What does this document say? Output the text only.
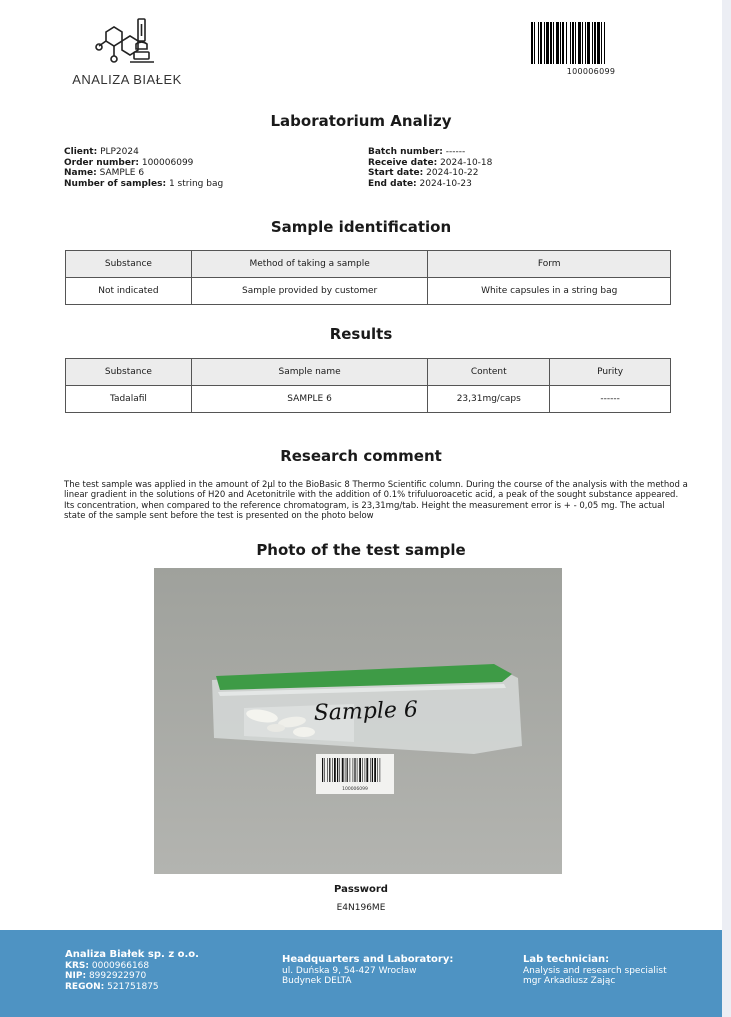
ANALIZA BIAŁEK
100006099
Laboratorium Analizy
Client: PLP2024
Order number: 100006099
Name: SAMPLE 6
Number of samples: 1 string bag
Batch number: ------
Receive date: 2024-10-18
Start date: 2024-10-22
End date: 2024-10-23
Sample identification
Substance	Method of taking a sample	Form
Not indicated	Sample provided by customer	White capsules in a string bag
Results
Substance	Sample name	Content	Purity
Tadalafil	SAMPLE 6	23,31mg/caps	------
Research comment

The test sample was applied in the amount of 2µl to the BioBasic 8 Thermo Scientific column. During the course of the analysis with the method a linear gradient in the solutions of H20 and Acetonitrile with the addition of 0.1% trifuluoroacetic acid, a peak of the sought substance appeared. Its concentration, when compared to the reference chromatogram, is 23,31mg/tab. Height the measurement error is + - 0,05 mg. The actual state of the sample sent before the test is presented on the photo below

Photo of the test sample
Sample 6
100006099
Password
E4N196ME
Analiza Białek sp. z o.o.
KRS: 0000966168
NIP: 8992922970
REGON: 521751875
Headquarters and Laboratory:
ul. Duńska 9, 54-427 Wrocław
Budynek DELTA
Lab technician:
Analysis and research specialist
mgr Arkadiusz Zając
